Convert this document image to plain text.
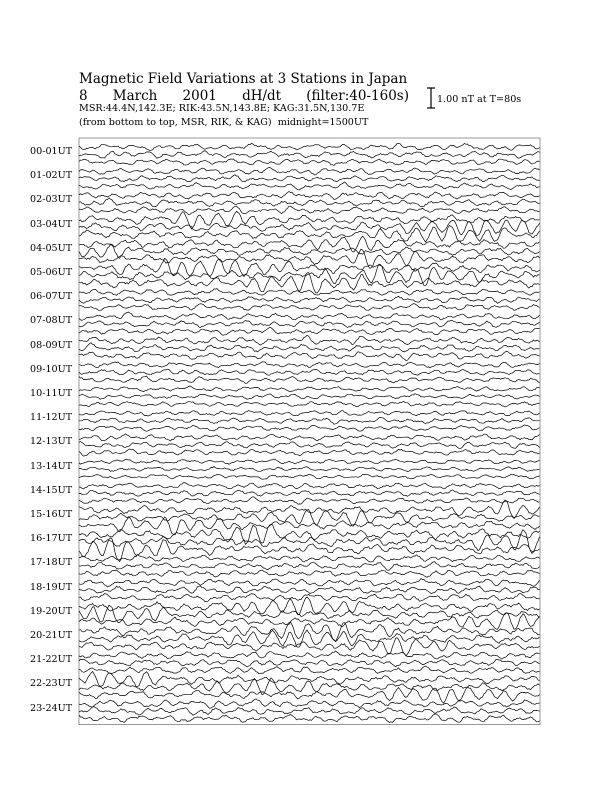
Magnetic Field Variations at 3 Stations in Japan
8 March 2001 dH/dt (filter:40-160s)
MSR:44.4N,142.3E; RIK:43.5N,143.8E; KAG:31.5N,130.7E
(from bottom to top, MSR, RIK, & KAG) midnight=1500UT
1.00 nT at T=80s
00-01UT
01-02UT
02-03UT
03-04UT
04-05UT
05-06UT
06-07UT
07-08UT
08-09UT
09-10UT
10-11UT
11-12UT
12-13UT
13-14UT
14-15UT
15-16UT
16-17UT
17-18UT
18-19UT
19-20UT
20-21UT
21-22UT
22-23UT
23-24UT
